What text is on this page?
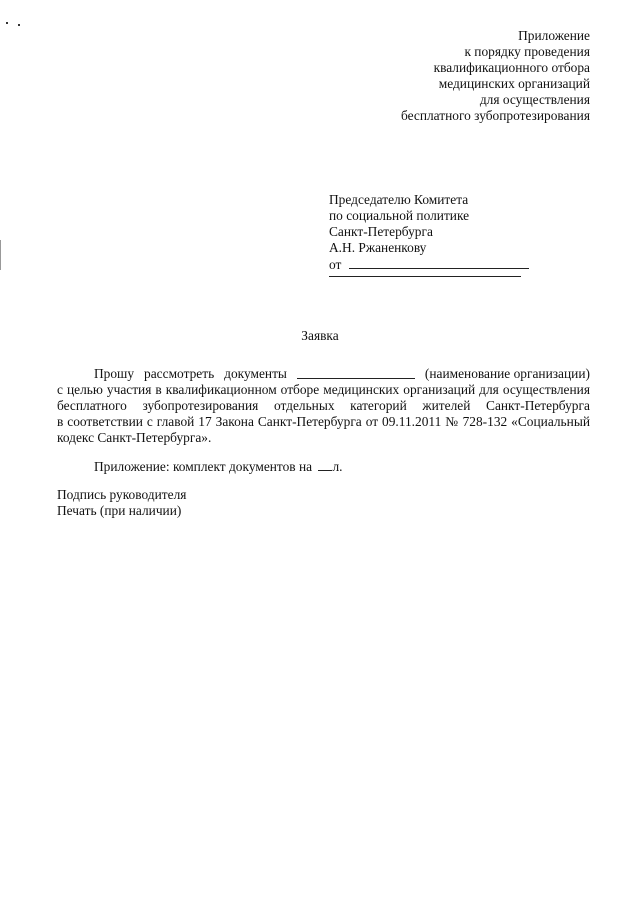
Приложение
к порядку проведения
квалификационного отбора
медицинских организаций
для осуществления
бесплатного зубопротезирования
Председателю Комитета
по социальной политике
Санкт-Петербурга
А.Н. Ржаненкову
от
Заявка
Прошу рассмотреть документы	(наименование организации)
с целью участия в квалификационном отборе медицинских организаций для осуществления
бесплатного зубопротезирования отдельных категорий жителей Санкт-Петербурга
в соответствии с главой 17 Закона Санкт-Петербурга от 09.11.2011 № 728-132 «Социальный
кодекс Санкт-Петербурга».
Приложение: комплект документов на л.
Подпись руководителя
Печать (при наличии)
